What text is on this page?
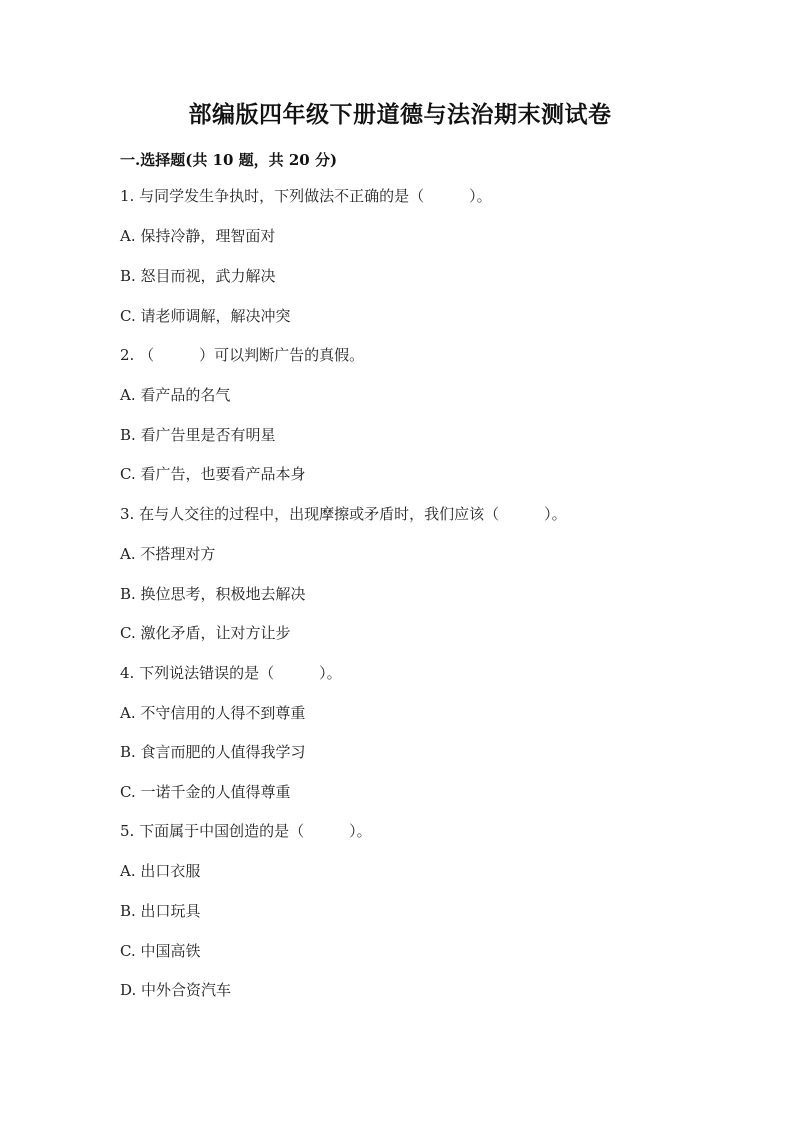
部编版四年级下册道德与法治期末测试卷
一.选择题(共 10 题，共 20 分)
1. 与同学发生争执时，下列做法不正确的是（　　　）。
A. 保持冷静，理智面对
B. 怒目而视，武力解决
C. 请老师调解，解决冲突
2. （　　　）可以判断广告的真假。
A. 看产品的名气
B. 看广告里是否有明星
C. 看广告，也要看产品本身
3. 在与人交往的过程中，出现摩擦或矛盾时，我们应该（　　　）。
A. 不搭理对方
B. 换位思考，积极地去解决
C. 激化矛盾，让对方让步
4. 下列说法错误的是（　　　）。
A. 不守信用的人得不到尊重
B. 食言而肥的人值得我学习
C. 一诺千金的人值得尊重
5. 下面属于中国创造的是（　　　）。
A. 出口衣服
B. 出口玩具
C. 中国高铁
D. 中外合资汽车
